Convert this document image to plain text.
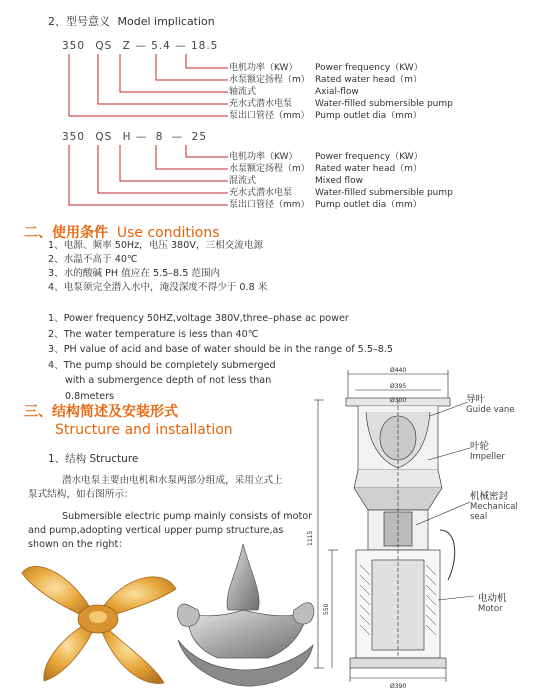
2、型号意义 Model implication
350 QS Z — 5.4 — 18.5
电机功率（KW） Power frequency（KW）
水泵额定扬程（m） Rated water head（m）
轴流式	Axial-flow
充水式潜水电泵	Water-filled submersible pump
泵出口管径（mm） Pump outlet dia（mm）
350 QS H — 8 — 25
电机功率（KW） Power frequency（KW）
水泵额定扬程（m） Rated water head（m）
混流式	Mixed flow
充水式潜水电泵	Water-filled submersible pump
泵出口管径（mm） Pump outlet dia（mm）
二、使用条件 Use conditions
1、电源、频率 50Hz，电压 380V，三相交流电源
2、水温不高于 40℃
3、水的酸碱 PH 值应在 5.5–8.5 范围内
4、电泵须完全潜入水中，淹没深度不得少于 0.8 米
1、Power frequency 50HZ,voltage 380V,three–phase ac power
2、The water temperature is less than 40℃
3、PH value of acid and base of water should be in the range of 5.5–8.5
4、The pump should be completely submerged
with a submergence depth of not less than
0.8meters
三、结构简述及安装形式
Structure and installation
1、结构 Structure
潜水电泵主要由电机和水泵两部分组成，采用立式上
泵式结构，如右图所示：
Submersible electric pump mainly consists of motor
and pump,adopting vertical upper pump structure,as
shown on the right：
Ø440
Ø395
Ø300
Ø390
1115
550
导叶
Guide vane
叶轮
Impeller
机械密封
Mechanical
seal
电动机
Motor
